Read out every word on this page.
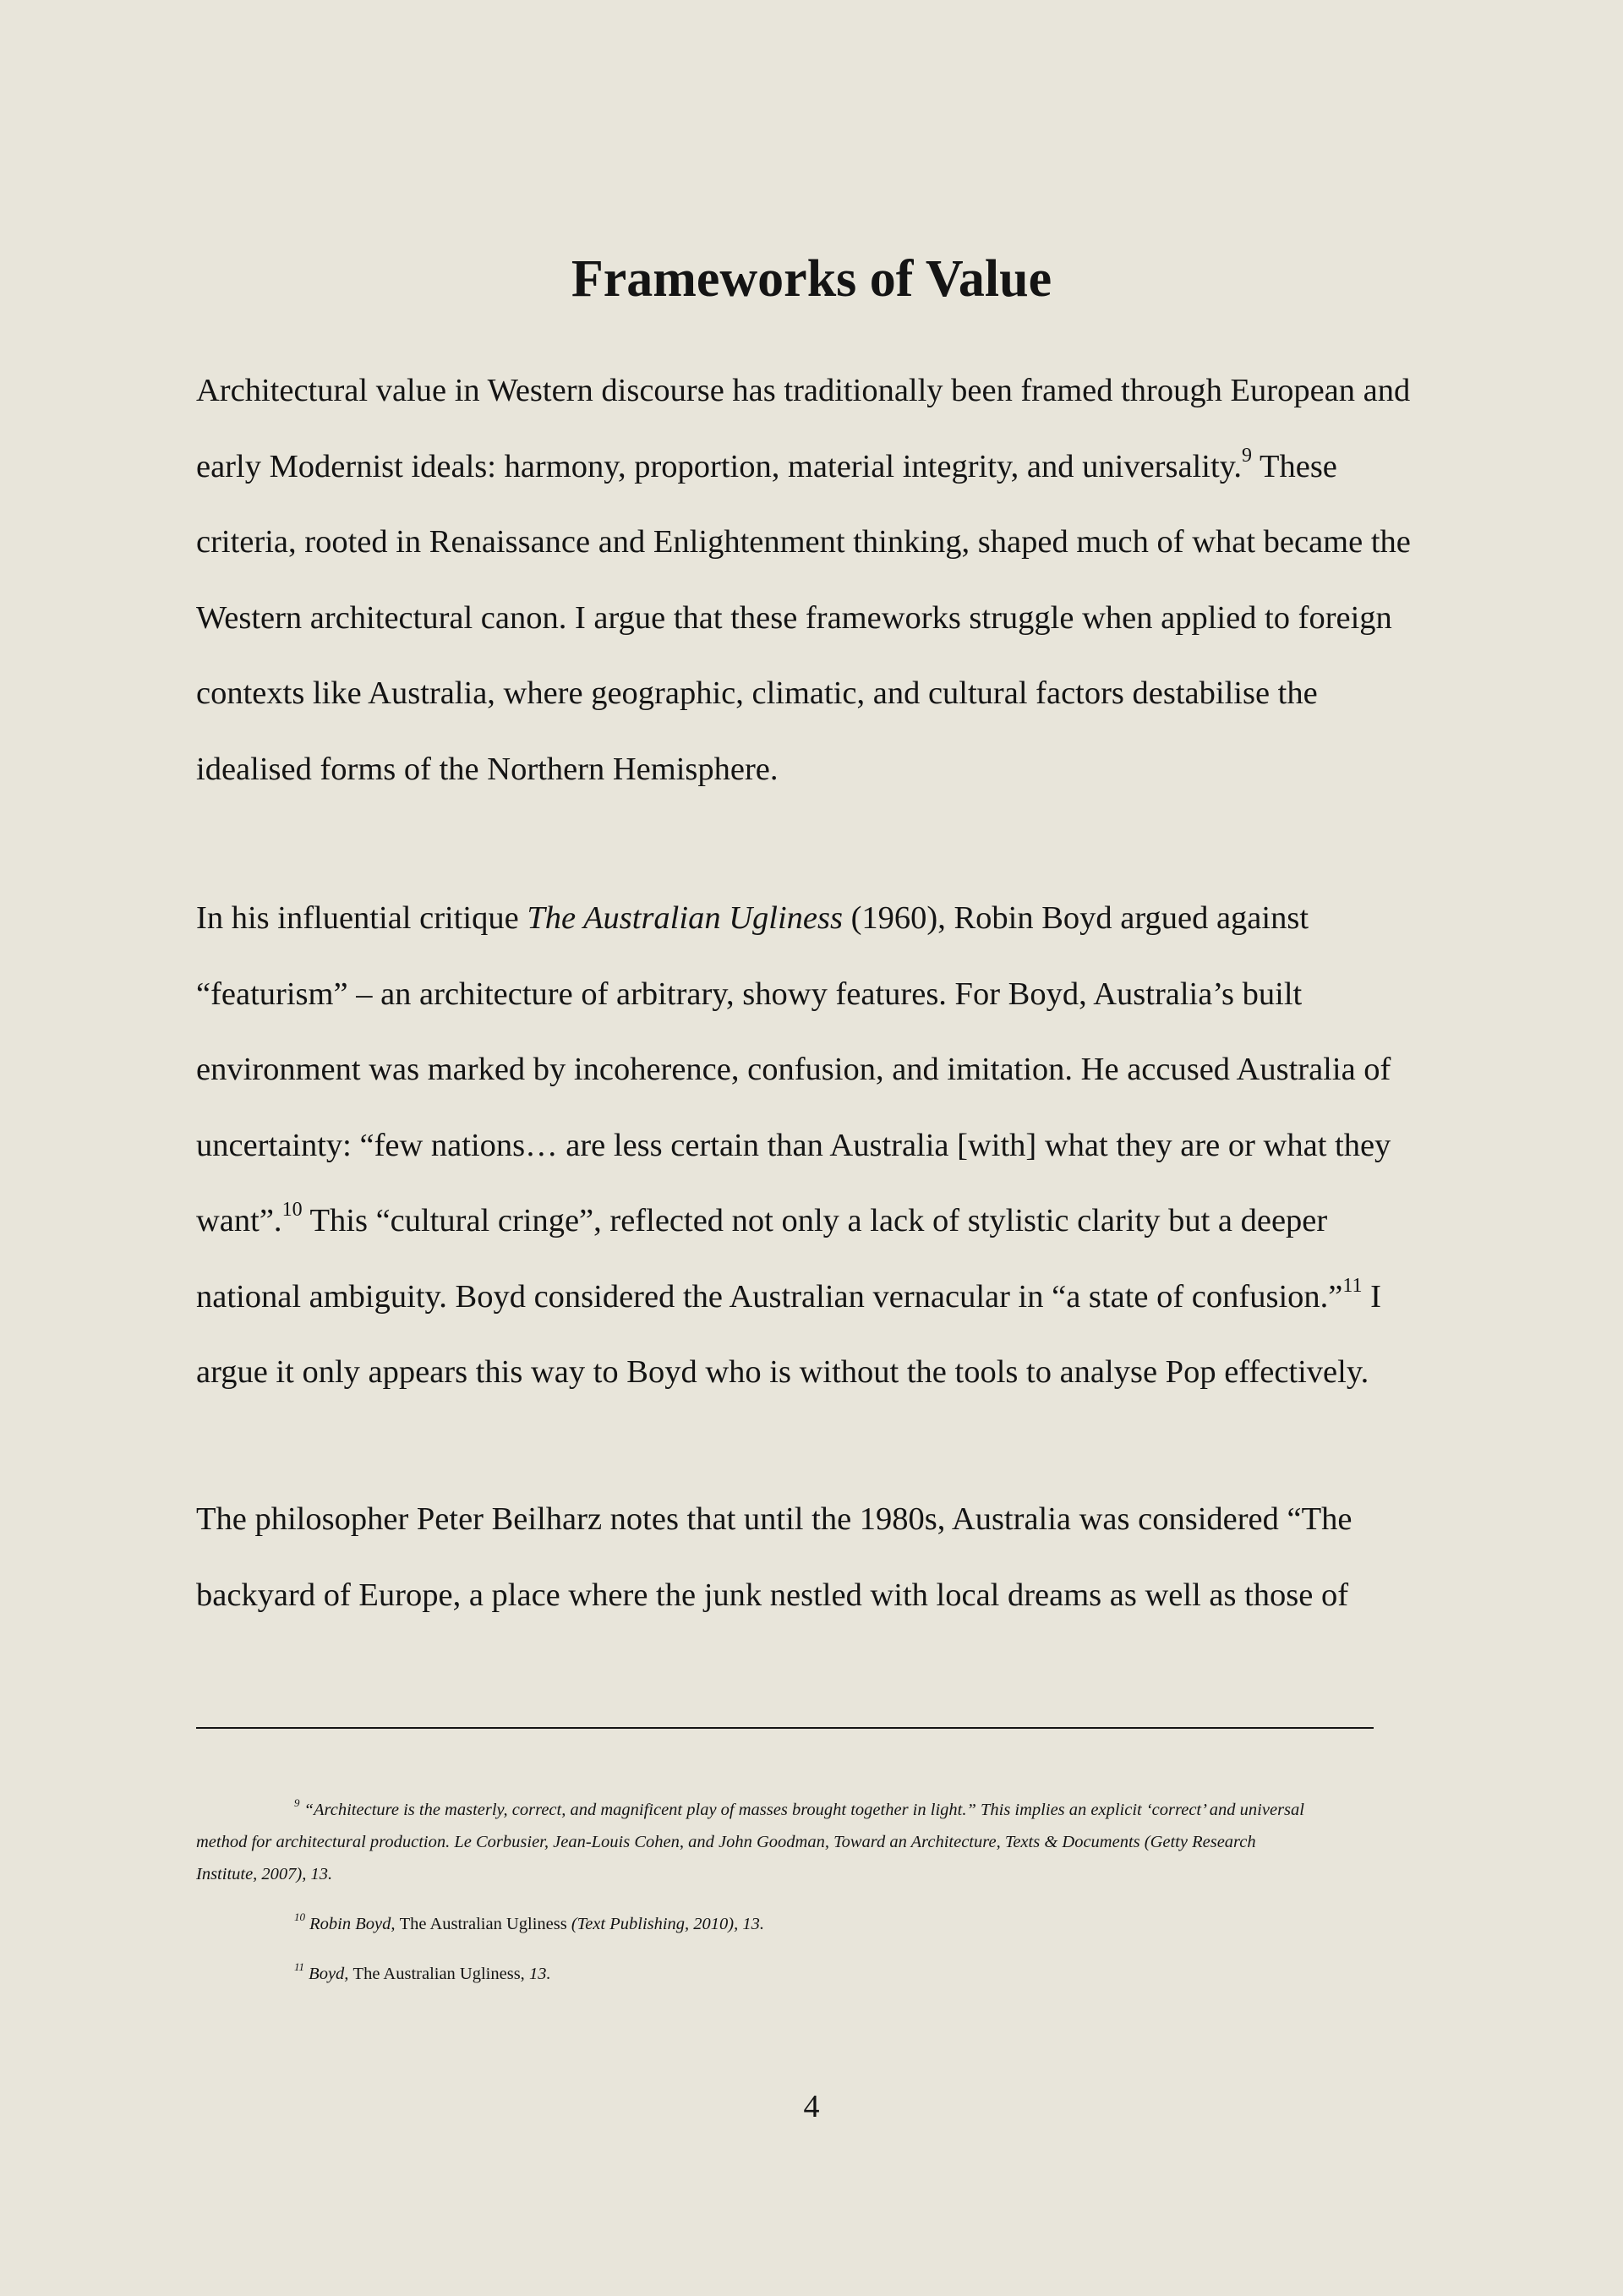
Frameworks of Value

Architectural value in Western discourse has traditionally been framed through European and
early Modernist ideals: harmony, proportion, material integrity, and universality.$^9$ These
criteria, rooted in Renaissance and Enlightenment thinking, shaped much of what became the
Western architectural canon. I argue that these frameworks struggle when applied to foreign
contexts like Australia, where geographic, climatic, and cultural factors destabilise the
idealised forms of the Northern Hemisphere.

In his influential critique The Australian Ugliness (1960), Robin Boyd argued against
“featurism” – an architecture of arbitrary, showy features. For Boyd, Australia’s built
environment was marked by incoherence, confusion, and imitation. He accused Australia of
uncertainty: “few nations… are less certain than Australia [with] what they are or what they
want”.$^{10}$ This “cultural cringe”, reflected not only a lack of stylistic clarity but a deeper
national ambiguity. Boyd considered the Australian vernacular in “a state of confusion.”$^{11}$ I
argue it only appears this way to Boyd who is without the tools to analyse Pop effectively.

The philosopher Peter Beilharz notes that until the 1980s, Australia was considered “The
backyard of Europe, a place where the junk nestled with local dreams as well as those of

$^9$ “Architecture is the masterly, correct, and magnificent play of masses brought together in light.” This implies an explicit ‘correct’ and universal
method for architectural production. Le Corbusier, Jean-Louis Cohen, and John Goodman, Toward an Architecture, Texts & Documents (Getty Research
Institute, 2007), 13.
$^{10}$ Robin Boyd, The Australian Ugliness (Text Publishing, 2010), 13.
$^{11}$ Boyd, The Australian Ugliness, 13.
4
